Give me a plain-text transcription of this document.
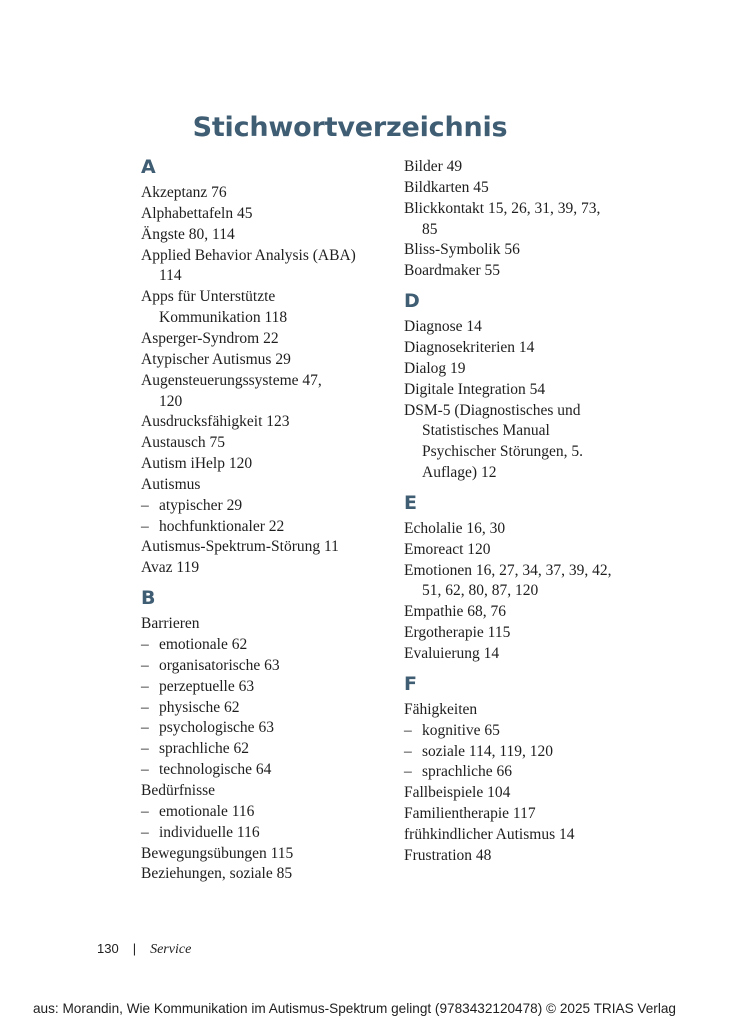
Stichwortverzeichnis
A
Akzeptanz 76
Alphabettafeln 45
Ängste 80, 114
Applied Behavior Analysis (ABA)
114
Apps für Unterstützte
Kommunikation 118
Asperger-Syndrom 22
Atypischer Autismus 29
Augensteuerungssysteme 47,
120
Ausdrucksfähigkeit 123
Austausch 75
Autism iHelp 120
Autismus
– atypischer 29
– hochfunktionaler 22
Autismus-Spektrum-Störung 11
Avaz 119
B
Barrieren
– emotionale 62
– organisatorische 63
– perzeptuelle 63
– physische 62
– psychologische 63
– sprachliche 62
– technologische 64
Bedürfnisse
– emotionale 116
– individuelle 116
Bewegungsübungen 115
Beziehungen, soziale 85
Bilder 49
Bildkarten 45
Blickkontakt 15, 26, 31, 39, 73,
85
Bliss-Symbolik 56
Boardmaker 55
D
Diagnose 14
Diagnosekriterien 14
Dialog 19
Digitale Integration 54
DSM-5 (Diagnostisches und
Statistisches Manual
Psychischer Störungen, 5.
Auflage) 12
E
Echolalie 16, 30
Emoreact 120
Emotionen 16, 27, 34, 37, 39, 42,
51, 62, 80, 87, 120
Empathie 68, 76
Ergotherapie 115
Evaluierung 14
F
Fähigkeiten
– kognitive 65
– soziale 114, 119, 120
– sprachliche 66
Fallbeispiele 104
Familientherapie 117
frühkindlicher Autismus 14
Frustration 48
130 | Service
aus: Morandin, Wie Kommunikation im Autismus-Spektrum gelingt (9783432120478) © 2025 TRIAS Verlag
